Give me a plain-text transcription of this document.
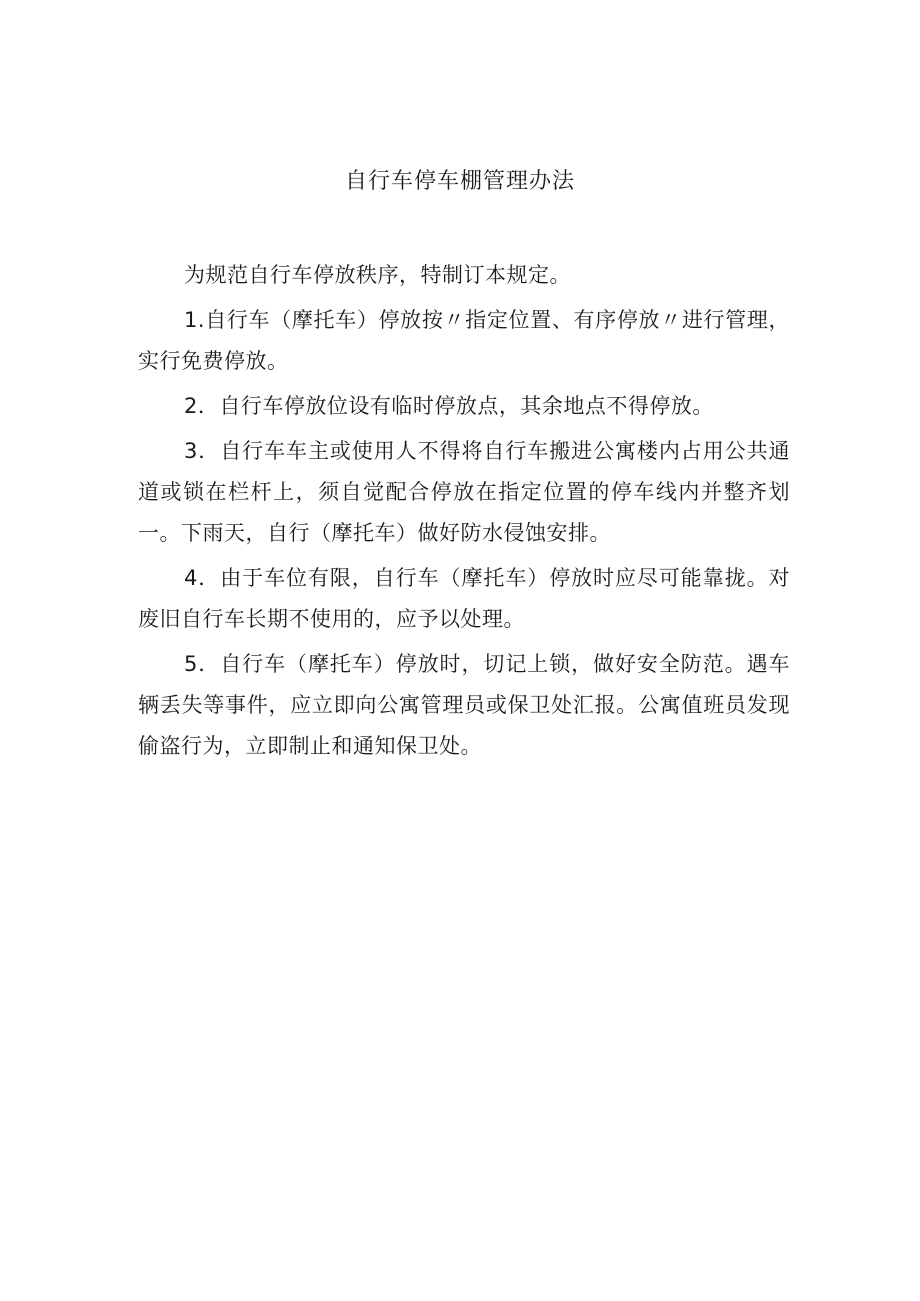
自行车停车棚管理办法

为规范自行车停放秩序，特制订本规定。

1.自行车（摩托车）停放按〃指定位置、有序停放〃进行管理，实行免费停放。

2．自行车停放位设有临时停放点，其余地点不得停放。

3．自行车车主或使用人不得将自行车搬进公寓楼内占用公共通道或锁在栏杆上，须自觉配合停放在指定位置的停车线内并整齐划一。下雨天，自行（摩托车）做好防水侵蚀安排。

4．由于车位有限，自行车（摩托车）停放时应尽可能靠拢。对废旧自行车长期不使用的，应予以处理。

5．自行车（摩托车）停放时，切记上锁，做好安全防范。遇车辆丢失等事件，应立即向公寓管理员或保卫处汇报。公寓值班员发现偷盗行为，立即制止和通知保卫处。
